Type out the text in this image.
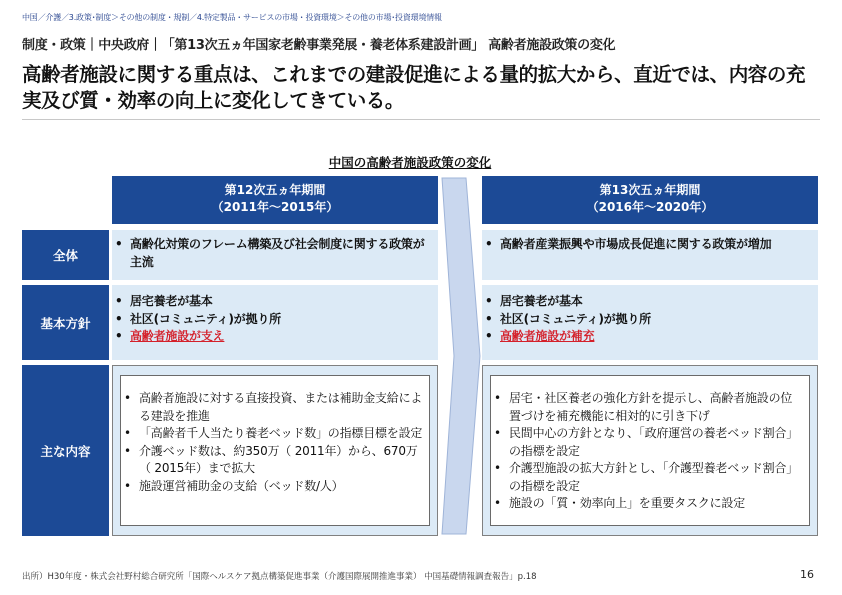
中国／介護／3.政策･制度＞その他の制度・規制／4.特定製品・サービスの市場・投資環境＞その他の市場･投資環境情報
制度・政策｜中央政府｜「第13次五ヵ年国家老齢事業発展・養老体系建設計画」 高齢者施設政策の変化
高齢者施設に関する重点は、これまでの建設促進による量的拡大から、直近では、内容の充実及び質・効率の向上に変化してきている。
中国の高齢者施設政策の変化
第12次五ヵ年期間
（2011年～2015年）
第13次五ヵ年期間
（2016年～2020年）
全体
• 高齢化対策のフレーム構築及び社会制度に関する政策が主流
• 高齢者産業振興や市場成長促進に関する政策が増加
基本方針
• 居宅養老が基本
• 社区(コミュニティ)が拠り所
• 高齢者施設が支え
• 居宅養老が基本
• 社区(コミュニティ)が拠り所
• 高齢者施設が補充
主な内容
• 高齢者施設に対する直接投資、または補助金支給による建設を推進
• 「高齢者千人当たり養老ベッド数」の指標目標を設定
• 介護ベッド数は、約350万（ 2011年）から、670万（ 2015年）まで拡大
• 施設運営補助金の支給（ベッド数/人）
• 居宅・社区養老の強化方針を提示し、高齢者施設の位置づけを補充機能に相対的に引き下げ
• 民間中心の方針となり、「政府運営の養老ベッド割合」の指標を設定
• 介護型施設の拡大方針とし、「介護型養老ベッド割合」の指標を設定
• 施設の「質・効率向上」を重要タスクに設定
出所）H30年度・株式会社野村総合研究所「国際ヘルスケア拠点構築促進事業（介護国際展開推進事業） 中国基礎情報調査報告」p.18	16
